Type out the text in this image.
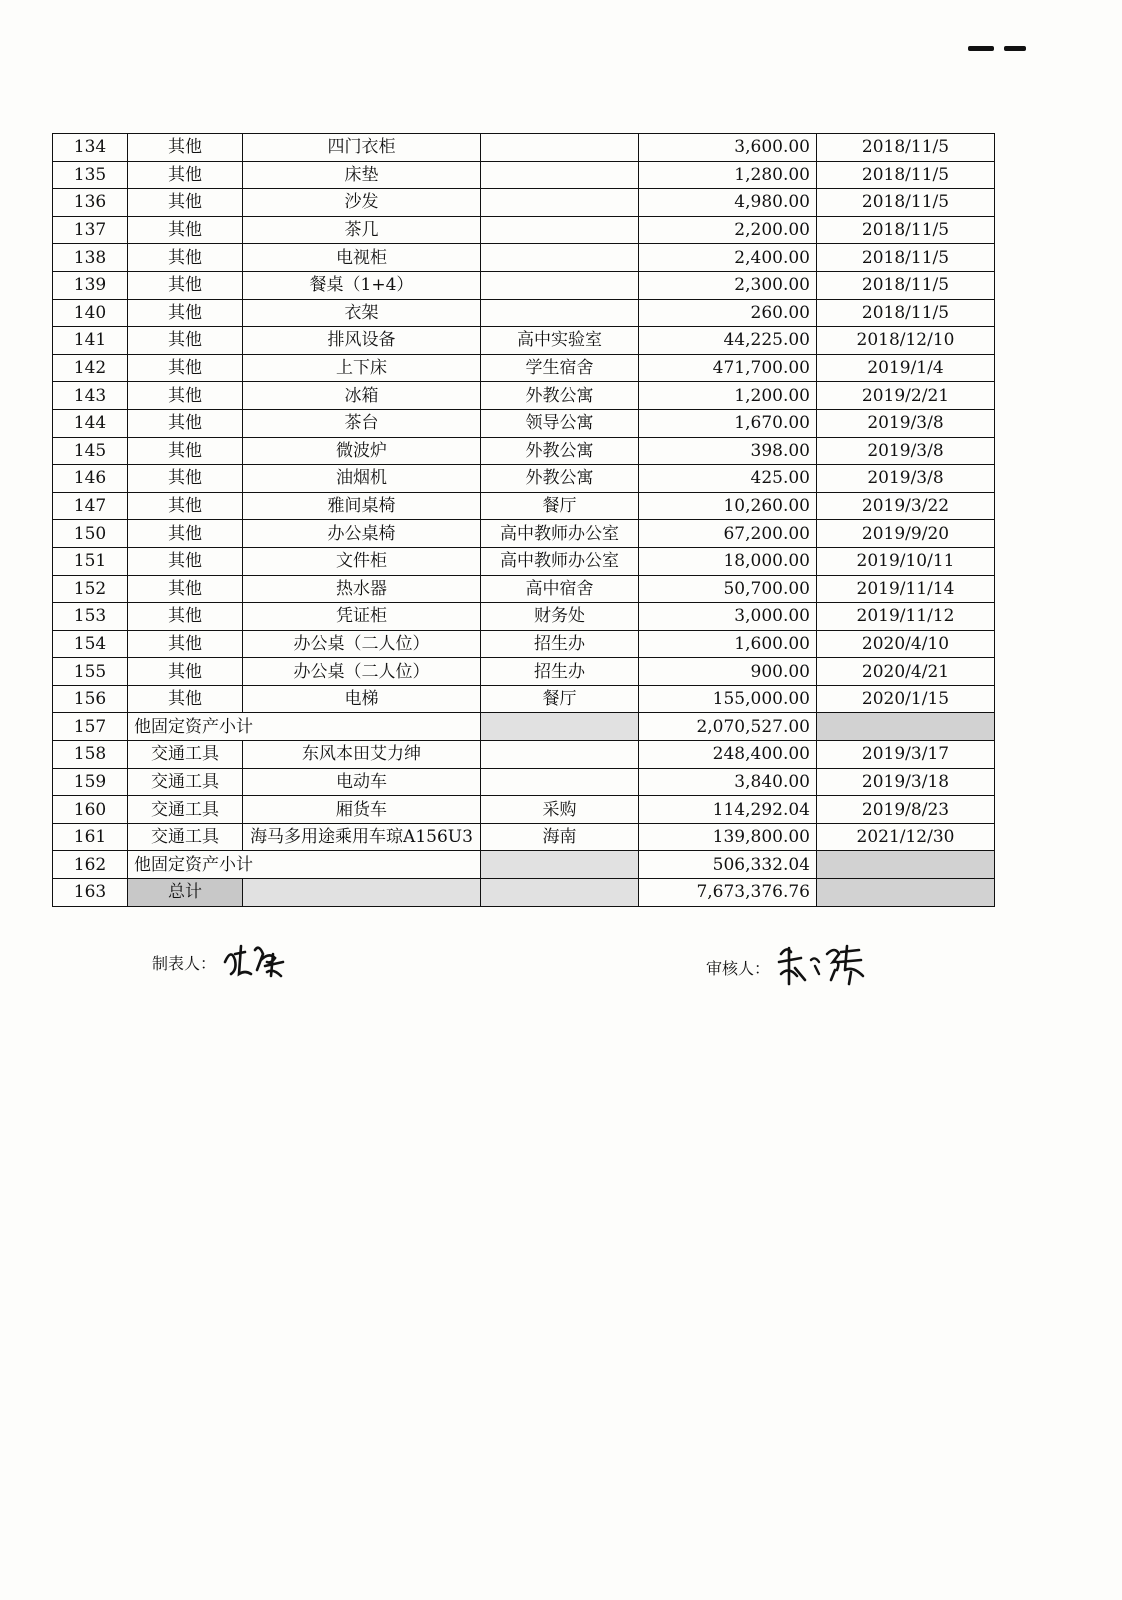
134	其他	四门衣柜		3,600.00	2018/11/5
135	其他	床垫		1,280.00	2018/11/5
136	其他	沙发		4,980.00	2018/11/5
137	其他	茶几		2,200.00	2018/11/5
138	其他	电视柜		2,400.00	2018/11/5
139	其他	餐桌（1+4）		2,300.00	2018/11/5
140	其他	衣架		260.00	2018/11/5
141	其他	排风设备	高中实验室	44,225.00	2018/12/10
142	其他	上下床	学生宿舍	471,700.00	2019/1/4
143	其他	冰箱	外教公寓	1,200.00	2019/2/21
144	其他	茶台	领导公寓	1,670.00	2019/3/8
145	其他	微波炉	外教公寓	398.00	2019/3/8
146	其他	油烟机	外教公寓	425.00	2019/3/8
147	其他	雅间桌椅	餐厅	10,260.00	2019/3/22
150	其他	办公桌椅	高中教师办公室	67,200.00	2019/9/20
151	其他	文件柜	高中教师办公室	18,000.00	2019/10/11
152	其他	热水器	高中宿舍	50,700.00	2019/11/14
153	其他	凭证柜	财务处	3,000.00	2019/11/12
154	其他	办公桌（二人位）	招生办	1,600.00	2020/4/10
155	其他	办公桌（二人位）	招生办	900.00	2020/4/21
156	其他	电梯	餐厅	155,000.00	2020/1/15
157	他固定资产小计			2,070,527.00	
158	交通工具	东风本田艾力绅		248,400.00	2019/3/17
159	交通工具	电动车		3,840.00	2019/3/18
160	交通工具	厢货车	采购	114,292.04	2019/8/23
161	交通工具	海马多用途乘用车琼A156U3	海南	139,800.00	2021/12/30
162	他固定资产小计			506,332.04	
163	总计			7,673,376.76	
制表人：	审核人：
